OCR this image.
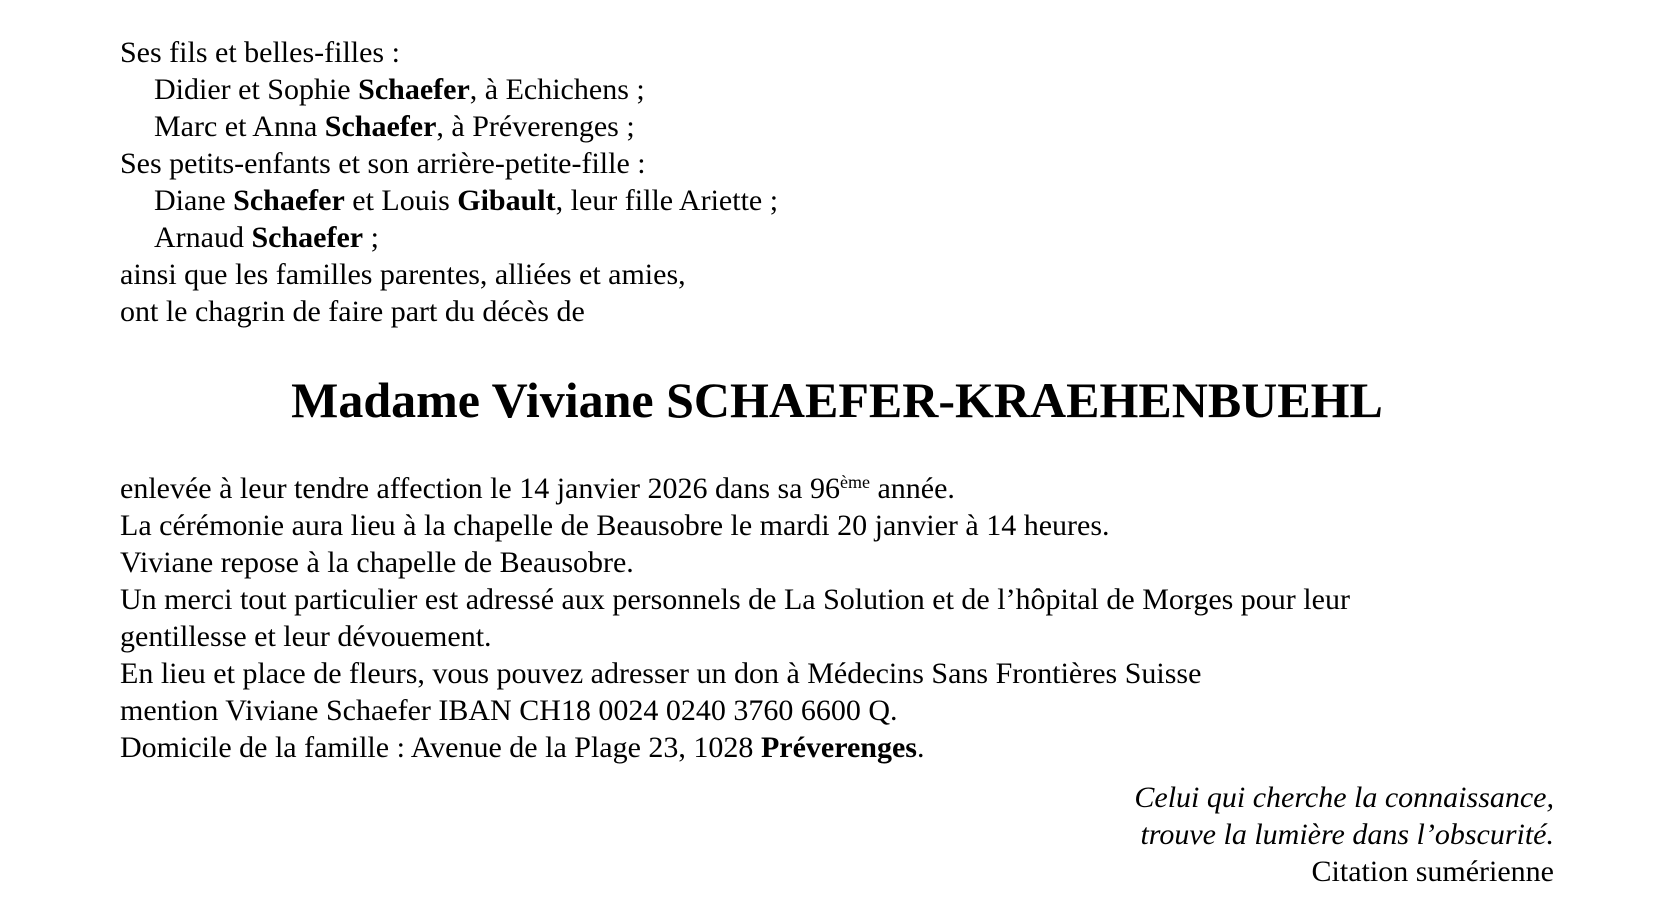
Ses fils et belles-filles :
Didier et Sophie Schaefer, à Echichens ;
Marc et Anna Schaefer, à Préverenges ;
Ses petits-enfants et son arrière-petite-fille :
Diane Schaefer et Louis Gibault, leur fille Ariette ;
Arnaud Schaefer ;
ainsi que les familles parentes, alliées et amies,
ont le chagrin de faire part du décès de
Madame Viviane SCHAEFER-KRAEHENBUEHL
enlevée à leur tendre affection le 14 janvier 2026 dans sa 96ème année.
La cérémonie aura lieu à la chapelle de Beausobre le mardi 20 janvier à 14 heures.
Viviane repose à la chapelle de Beausobre.
Un merci tout particulier est adressé aux personnels de La Solution et de l’hôpital de Morges pour leur
gentillesse et leur dévouement.
En lieu et place de fleurs, vous pouvez adresser un don à Médecins Sans Frontières Suisse
mention Viviane Schaefer IBAN CH18 0024 0240 3760 6600 Q.
Domicile de la famille : Avenue de la Plage 23, 1028 Préverenges.
Celui qui cherche la connaissance,
trouve la lumière dans l’obscurité.
Citation sumérienne
